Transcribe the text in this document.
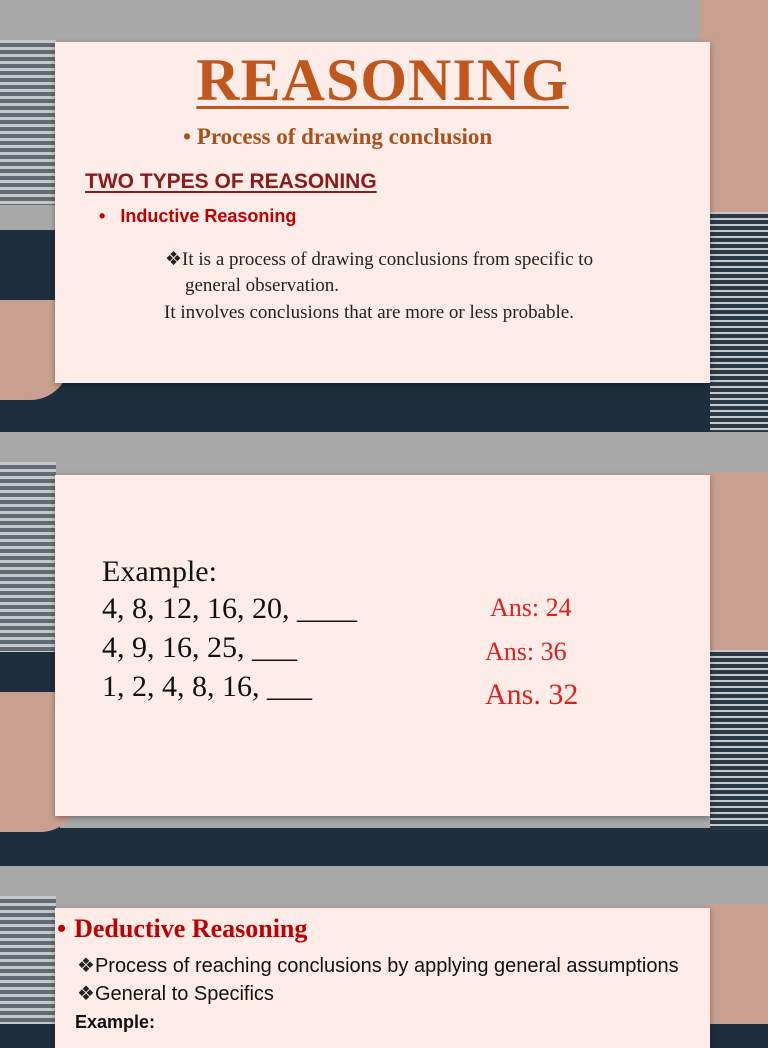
REASONING
• Process of drawing conclusion
TWO TYPES OF REASONING
• Inductive Reasoning
❖It is a process of drawing conclusions from specific to
general observation.
It involves conclusions that are more or less probable.
Example:
4, 8, 12, 16, 20, ____
4, 9, 16, 25, ___
1, 2, 4, 8, 16, ___
Ans: 24
Ans: 36
Ans. 32
• Deductive Reasoning
❖Process of reaching conclusions by applying general assumptions
❖General to Specifics
Example:
